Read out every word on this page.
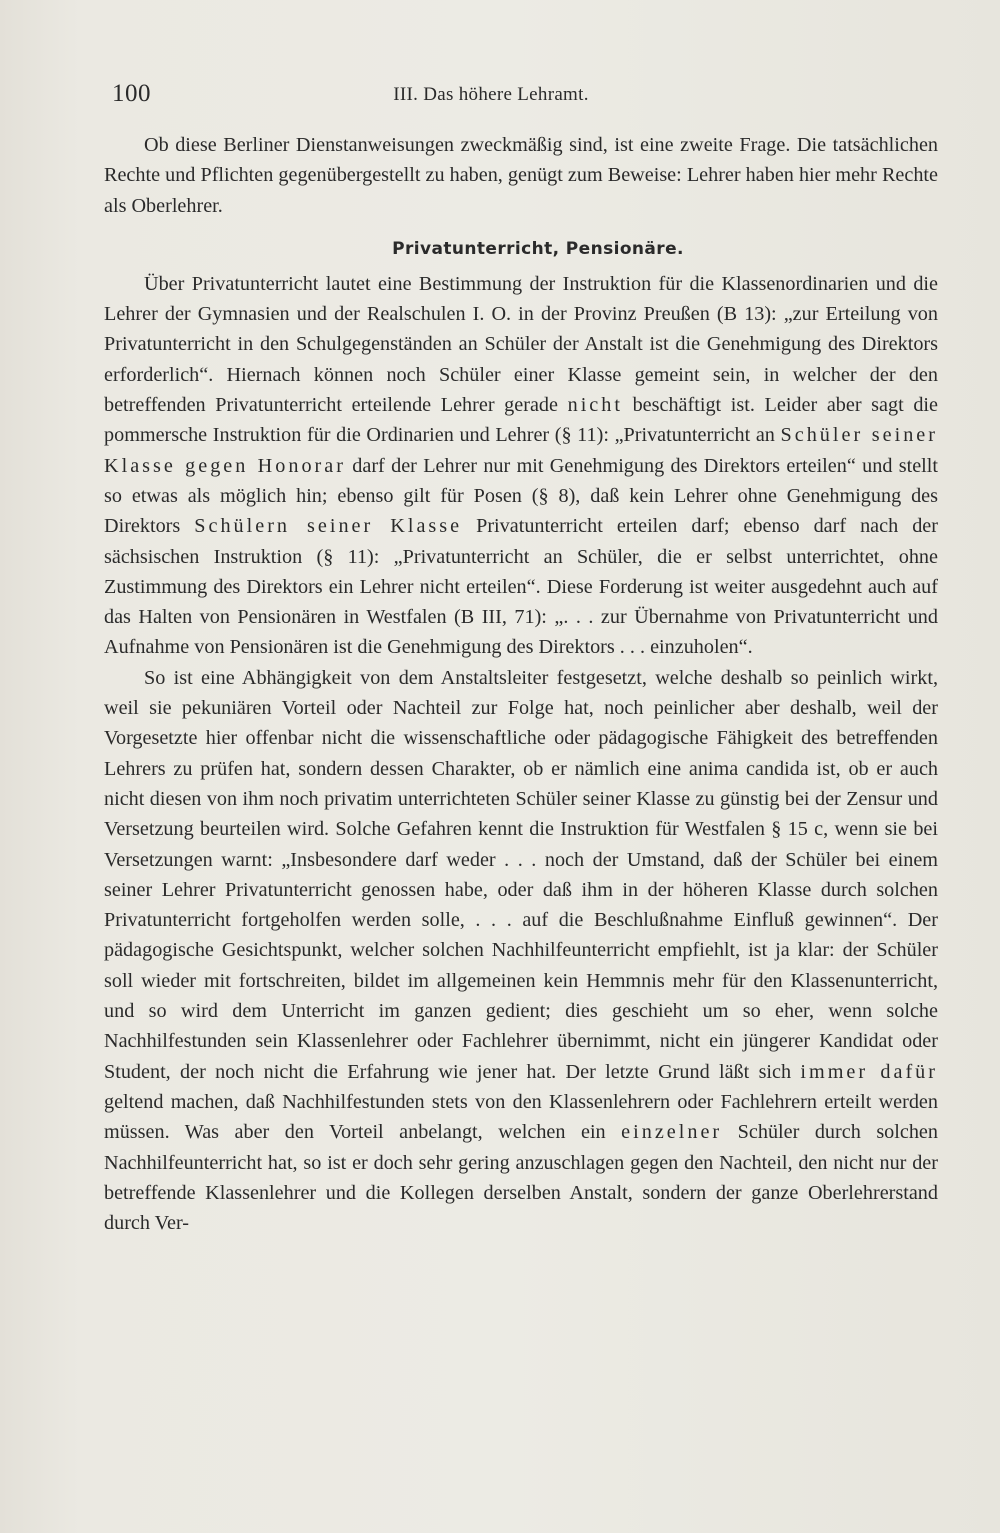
100	III. Das höhere Lehramt.

Ob diese Berliner Dienstanweisungen zweckmäßig sind, ist eine zweite Frage. Die tatsächlichen Rechte und Pflichten gegenübergestellt zu haben, genügt zum Beweise: Lehrer haben hier mehr Rechte als Oberlehrer.

Privatunterricht, Pensionäre.

Über Privatunterricht lautet eine Bestimmung der Instruktion für die Klassenordinarien und die Lehrer der Gymnasien und der Realschulen I. O. in der Provinz Preußen (B 13): „zur Erteilung von Privatunterricht in den Schulgegenständen an Schüler der Anstalt ist die Genehmigung des Direktors erforderlich“. Hiernach können noch Schüler einer Klasse gemeint sein, in welcher der den betreffenden Privatunterricht erteilende Lehrer gerade nicht beschäftigt ist. Leider aber sagt die pommersche Instruktion für die Ordinarien und Lehrer (§ 11): „Privatunterricht an Schüler seiner Klasse gegen Honorar darf der Lehrer nur mit Genehmigung des Direktors erteilen“ und stellt so etwas als möglich hin; ebenso gilt für Posen (§ 8), daß kein Lehrer ohne Genehmigung des Direktors Schülern seiner Klasse Privatunterricht erteilen darf; ebenso darf nach der sächsischen Instruktion (§ 11): „Privatunterricht an Schüler, die er selbst unterrichtet, ohne Zustimmung des Direktors ein Lehrer nicht erteilen“. Diese Forderung ist weiter ausgedehnt auch auf das Halten von Pensionären in Westfalen (B III, 71): „. . . zur Übernahme von Privatunterricht und Aufnahme von Pensionären ist die Genehmigung des Direktors . . . einzuholen“.

So ist eine Abhängigkeit von dem Anstaltsleiter festgesetzt, welche deshalb so peinlich wirkt, weil sie pekuniären Vorteil oder Nachteil zur Folge hat, noch peinlicher aber deshalb, weil der Vorgesetzte hier offenbar nicht die wissenschaftliche oder pädagogische Fähigkeit des betreffenden Lehrers zu prüfen hat, sondern dessen Charakter, ob er nämlich eine anima candida ist, ob er auch nicht diesen von ihm noch privatim unterrichteten Schüler seiner Klasse zu günstig bei der Zensur und Versetzung beurteilen wird. Solche Gefahren kennt die Instruktion für Westfalen § 15 c, wenn sie bei Versetzungen warnt: „Insbesondere darf weder . . . noch der Umstand, daß der Schüler bei einem seiner Lehrer Privatunterricht genossen habe, oder daß ihm in der höheren Klasse durch solchen Privatunterricht fortgeholfen werden solle, . . . auf die Beschlußnahme Einfluß gewinnen“. Der pädagogische Gesichtspunkt, welcher solchen Nachhilfeunterricht empfiehlt, ist ja klar: der Schüler soll wieder mit fortschreiten, bildet im allgemeinen kein Hemmnis mehr für den Klassenunterricht, und so wird dem Unterricht im ganzen gedient; dies geschieht um so eher, wenn solche Nachhilfestunden sein Klassenlehrer oder Fachlehrer übernimmt, nicht ein jüngerer Kandidat oder Student, der noch nicht die Erfahrung wie jener hat. Der letzte Grund läßt sich immer dafür geltend machen, daß Nachhilfestunden stets von den Klassenlehrern oder Fachlehrern erteilt werden müssen. Was aber den Vorteil anbelangt, welchen ein einzelner Schüler durch solchen Nachhilfeunterricht hat, so ist er doch sehr gering anzuschlagen gegen den Nachteil, den nicht nur der betreffende Klassenlehrer und die Kollegen derselben Anstalt, sondern der ganze Oberlehrerstand durch Ver-
